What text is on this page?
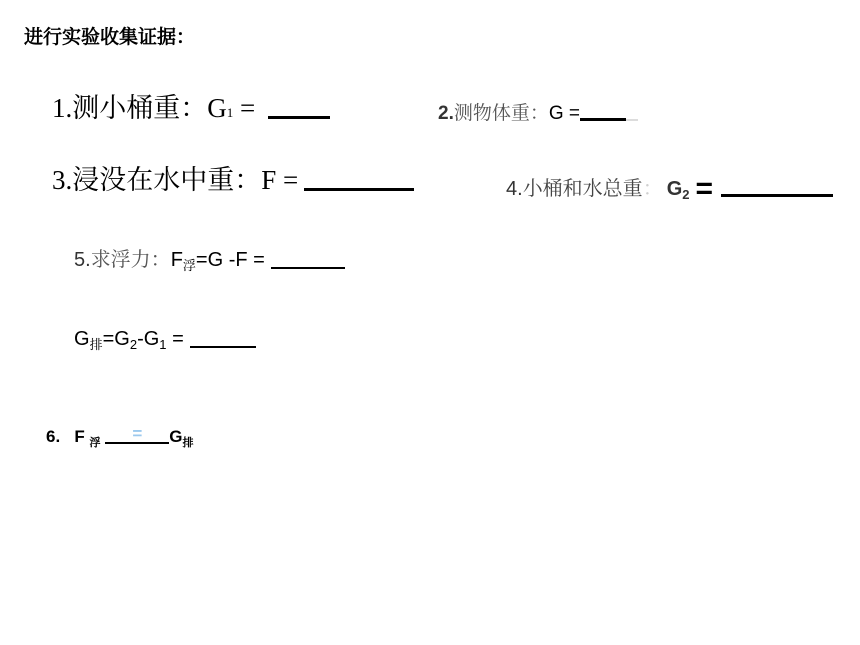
进行实验收集证据：
1.测小桶重：G1 =	2.测物体重：G =
3.浸没在水中重：F =	4.小桶和水总重： $G_2$ =
5.求浮力：$F_浮=G$ -F =
$G_排=G_2-G_1$ =
6. F $_浮$	=	$G_排$
